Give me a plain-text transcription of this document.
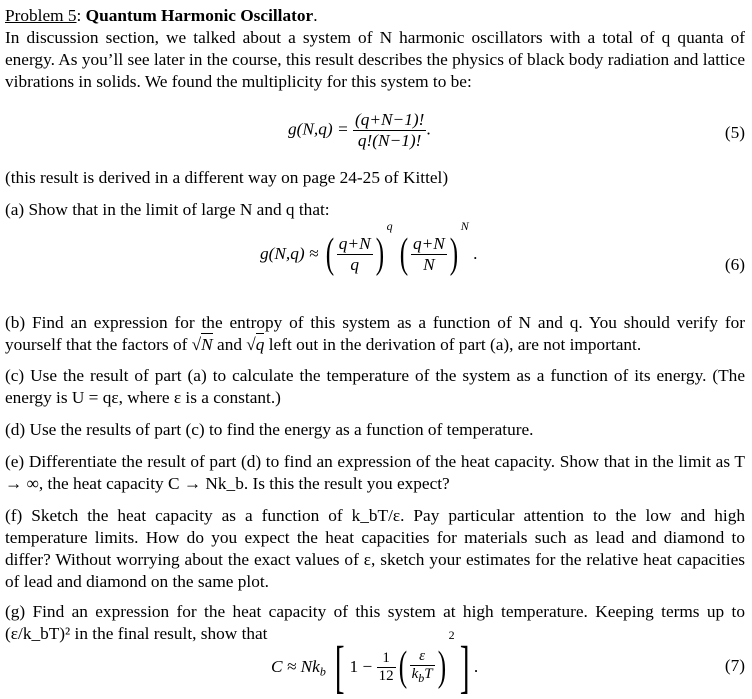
Problem 5: Quantum Harmonic Oscillator.

In discussion section, we talked about a system of N harmonic oscillators with a total of q quanta of energy. As you’ll see later in the course, this result describes the physics of black body radiation and lattice vibrations in solids. We found the multiplicity for this system to be:

$g(N,q) = \frac{(q+N-1)!}{q!(N-1)!}$ .	(5)

(this result is derived in a different way on page 24-25 of Kittel)

(a) Show that in the limit of large N and q that:

g(N,q) ≈ ( $\frac{q+N}{q} )^q$ ( $\frac{q+N}{N} )^N$ .
(6)

(b) Find an expression for the entropy of this system as a function of N and q. You should verify for yourself that the factors of √N and √q left out in the derivation of part (a), are not important.

(c) Use the result of part (a) to calculate the temperature of the system as a function of its energy. (The energy is U = qε, where ε is a constant.)

(d) Use the results of part (c) to find the energy as a function of temperature.

(e) Differentiate the result of part (d) to find an expression of the heat capacity. Show that in the limit as T → ∞, the heat capacity C → Nk_b. Is this the result you expect?

(f) Sketch the heat capacity as a function of k_bT/ε. Pay particular attention to the low and high temperature limits. How do you expect the heat capacities for materials such as lead and diamond to differ? Without worrying about the exact values of ε, sketch your estimates for the relative heat capacities of lead and diamond on the same plot.

(g) Find an expression for the heat capacity of this system at high temperature. Keeping terms up to (ε/k_bT)² in the final result, show that

$C \approx Nk_b$ [ $1 - \frac{1}{12}$ ( $\frac{\varepsilon}{k_bT} )^2$] .	(7)
